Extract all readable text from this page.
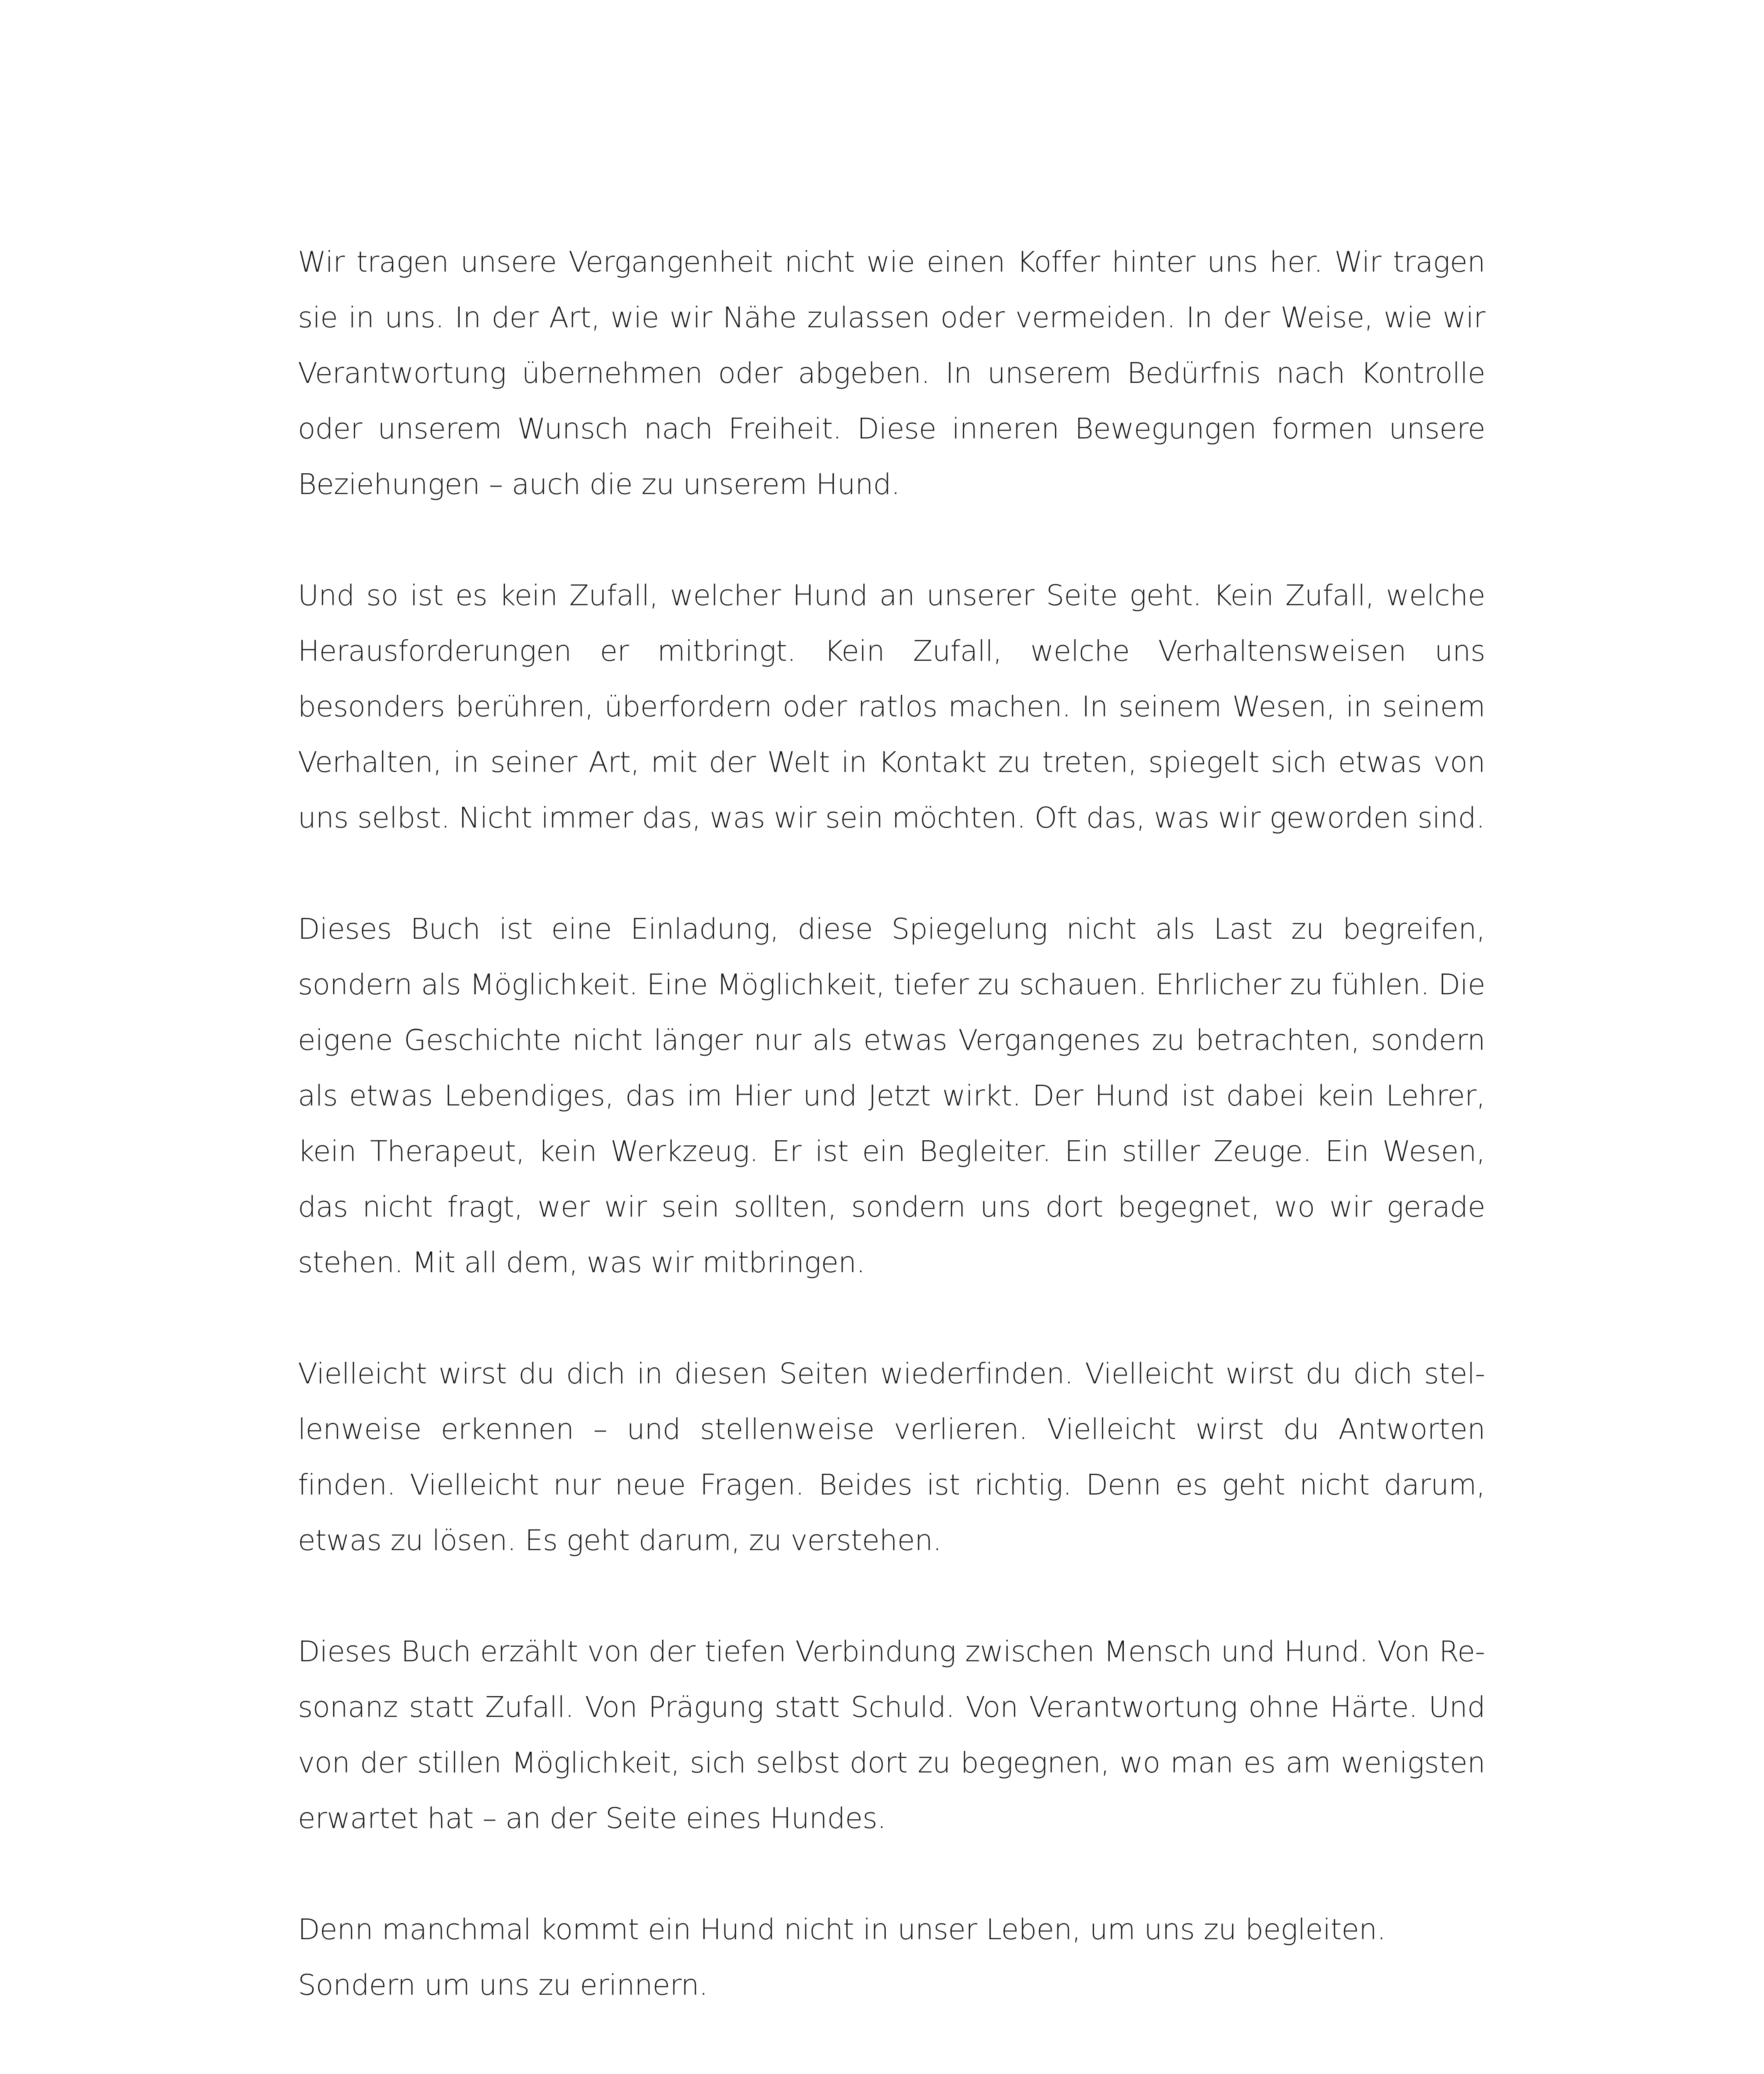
Wir tragen unsere Vergangenheit nicht wie einen Koffer hinter uns her. Wir tragen sie in uns. In der Art, wie wir Nähe zulassen oder vermeiden. In der Weise, wie wir Verantwortung übernehmen oder abgeben. In unserem Bedürfnis nach Kontrolle oder unserem Wunsch nach Freiheit. Diese inneren Bewegungen formen unsere Beziehungen – auch die zu unserem Hund.

Und so ist es kein Zufall, welcher Hund an unserer Seite geht. Kein Zufall, welche Herausforderungen er mitbringt. Kein Zufall, welche Verhaltensweisen uns besonders berühren, überfordern oder ratlos machen. In seinem Wesen, in seinem Verhalten, in seiner Art, mit der Welt in Kontakt zu treten, spiegelt sich etwas von uns selbst. Nicht immer das, was wir sein möchten. Oft das, was wir geworden sind.

Dieses Buch ist eine Einladung, diese Spiegelung nicht als Last zu begreifen, sondern als Möglichkeit. Eine Möglichkeit, tiefer zu schauen. Ehrlicher zu fühlen. Die eigene Geschichte nicht länger nur als etwas Vergangenes zu betrachten, sondern als etwas Lebendiges, das im Hier und Jetzt wirkt. Der Hund ist dabei kein Lehrer, kein Therapeut, kein Werkzeug. Er ist ein Begleiter. Ein stiller Zeuge. Ein Wesen, das nicht fragt, wer wir sein sollten, sondern uns dort begegnet, wo wir gerade stehen. Mit all dem, was wir mitbringen.

Vielleicht wirst du dich in diesen Seiten wiederfinden. Vielleicht wirst du dich stellenweise erkennen – und stellenweise verlieren. Vielleicht wirst du Antworten finden. Vielleicht nur neue Fragen. Beides ist richtig. Denn es geht nicht darum, etwas zu lösen. Es geht darum, zu verstehen.

Dieses Buch erzählt von der tiefen Verbindung zwischen Mensch und Hund. Von Resonanz statt Zufall. Von Prägung statt Schuld. Von Verantwortung ohne Härte. Und von der stillen Möglichkeit, sich selbst dort zu begegnen, wo man es am wenigsten erwartet hat – an der Seite eines Hundes.

Denn manchmal kommt ein Hund nicht in unser Leben, um uns zu begleiten.
Sondern um uns zu erinnern.
